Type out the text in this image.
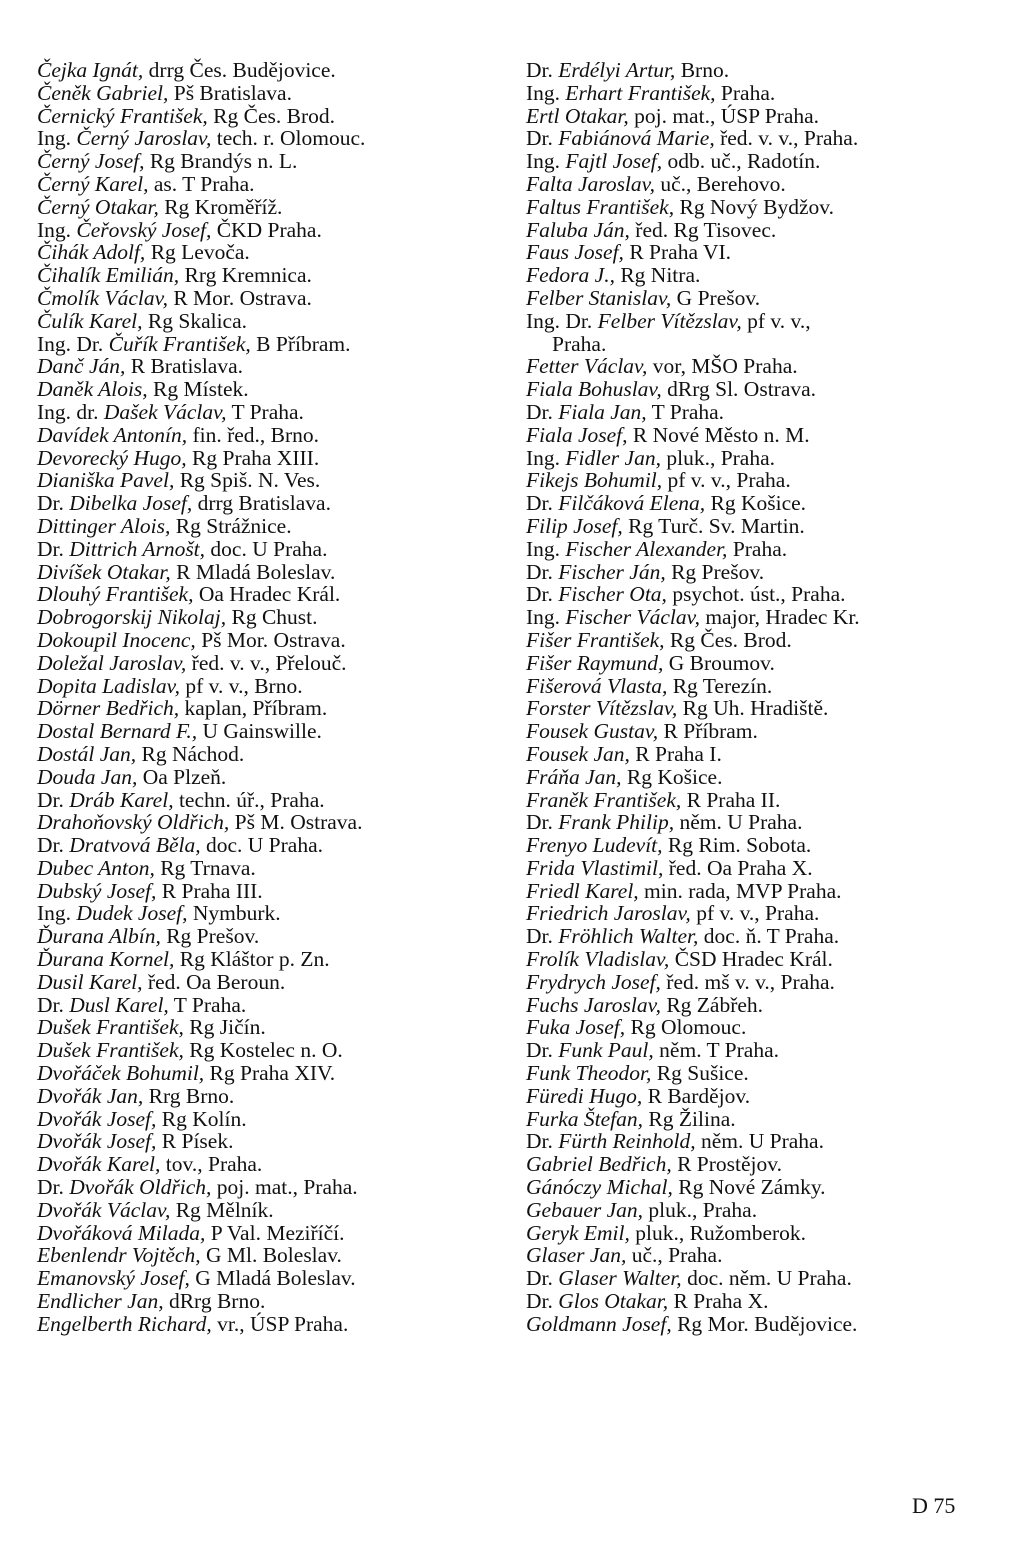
Čejka Ignát, drrg Čes. Budějovice.
Čeněk Gabriel, Pš Bratislava.
Černický František, Rg Čes. Brod.
Ing. Černý Jaroslav, tech. r. Olomouc.
Černý Josef, Rg Brandýs n. L.
Černý Karel, as. T Praha.
Černý Otakar, Rg Kroměříž.
Ing. Čeřovský Josef, ČKD Praha.
Čihák Adolf, Rg Levoča.
Čihalík Emilián, Rrg Kremnica.
Čmolík Václav, R Mor. Ostrava.
Čulík Karel, Rg Skalica.
Ing. Dr. Čuřík František, B Příbram.
Danč Ján, R Bratislava.
Daněk Alois, Rg Místek.
Ing. dr. Dašek Václav, T Praha.
Davídek Antonín, fin. řed., Brno.
Devorecký Hugo, Rg Praha XIII.
Dianiška Pavel, Rg Spiš. N. Ves.
Dr. Dibelka Josef, drrg Bratislava.
Dittinger Alois, Rg Strážnice.
Dr. Dittrich Arnošt, doc. U Praha.
Divíšek Otakar, R Mladá Boleslav.
Dlouhý František, Oa Hradec Král.
Dobrogorskij Nikolaj, Rg Chust.
Dokoupil Inocenc, Pš Mor. Ostrava.
Doležal Jaroslav, řed. v. v., Přelouč.
Dopita Ladislav, pf v. v., Brno.
Dörner Bedřich, kaplan, Příbram.
Dostal Bernard F., U Gainswille.
Dostál Jan, Rg Náchod.
Douda Jan, Oa Plzeň.
Dr. Dráb Karel, techn. úř., Praha.
Drahoňovský Oldřich, Pš M. Ostrava.
Dr. Dratvová Běla, doc. U Praha.
Dubec Anton, Rg Trnava.
Dubský Josef, R Praha III.
Ing. Dudek Josef, Nymburk.
Ďurana Albín, Rg Prešov.
Ďurana Kornel, Rg Kláštor p. Zn.
Dusil Karel, řed. Oa Beroun.
Dr. Dusl Karel, T Praha.
Dušek František, Rg Jičín.
Dušek František, Rg Kostelec n. O.
Dvořáček Bohumil, Rg Praha XIV.
Dvořák Jan, Rrg Brno.
Dvořák Josef, Rg Kolín.
Dvořák Josef, R Písek.
Dvořák Karel, tov., Praha.
Dr. Dvořák Oldřich, poj. mat., Praha.
Dvořák Václav, Rg Mělník.
Dvořáková Milada, P Val. Meziříčí.
Ebenlendr Vojtěch, G Ml. Boleslav.
Emanovský Josef, G Mladá Boleslav.
Endlicher Jan, dRrg Brno.
Engelberth Richard, vr., ÚSP Praha.
Dr. Erdélyi Artur, Brno.
Ing. Erhart František, Praha.
Ertl Otakar, poj. mat., ÚSP Praha.
Dr. Fabiánová Marie, řed. v. v., Praha.
Ing. Fajtl Josef, odb. uč., Radotín.
Falta Jaroslav, uč., Berehovo.
Faltus František, Rg Nový Bydžov.
Faluba Ján, řed. Rg Tisovec.
Faus Josef, R Praha VI.
Fedora J., Rg Nitra.
Felber Stanislav, G Prešov.
Ing. Dr. Felber Vítězslav, pf v. v.,
Praha.
Fetter Václav, vor, MŠO Praha.
Fiala Bohuslav, dRrg Sl. Ostrava.
Dr. Fiala Jan, T Praha.
Fiala Josef, R Nové Město n. M.
Ing. Fidler Jan, pluk., Praha.
Fikejs Bohumil, pf v. v., Praha.
Dr. Filčáková Elena, Rg Košice.
Filip Josef, Rg Turč. Sv. Martin.
Ing. Fischer Alexander, Praha.
Dr. Fischer Ján, Rg Prešov.
Dr. Fischer Ota, psychot. úst., Praha.
Ing. Fischer Václav, major, Hradec Kr.
Fišer František, Rg Čes. Brod.
Fišer Raymund, G Broumov.
Fišerová Vlasta, Rg Terezín.
Forster Vítězslav, Rg Uh. Hradiště.
Fousek Gustav, R Příbram.
Fousek Jan, R Praha I.
Fráňa Jan, Rg Košice.
Franěk František, R Praha II.
Dr. Frank Philip, něm. U Praha.
Frenyo Ludevít, Rg Rim. Sobota.
Frida Vlastimil, řed. Oa Praha X.
Friedl Karel, min. rada, MVP Praha.
Friedrich Jaroslav, pf v. v., Praha.
Dr. Fröhlich Walter, doc. ň. T Praha.
Frolík Vladislav, ČSD Hradec Král.
Frydrych Josef, řed. mš v. v., Praha.
Fuchs Jaroslav, Rg Zábřeh.
Fuka Josef, Rg Olomouc.
Dr. Funk Paul, něm. T Praha.
Funk Theodor, Rg Sušice.
Füredi Hugo, R Bardějov.
Furka Štefan, Rg Žilina.
Dr. Fürth Reinhold, něm. U Praha.
Gabriel Bedřich, R Prostějov.
Gánóczy Michal, Rg Nové Zámky.
Gebauer Jan, pluk., Praha.
Geryk Emil, pluk., Ružomberok.
Glaser Jan, uč., Praha.
Dr. Glaser Walter, doc. něm. U Praha.
Dr. Glos Otakar, R Praha X.
Goldmann Josef, Rg Mor. Budějovice.
D 75
